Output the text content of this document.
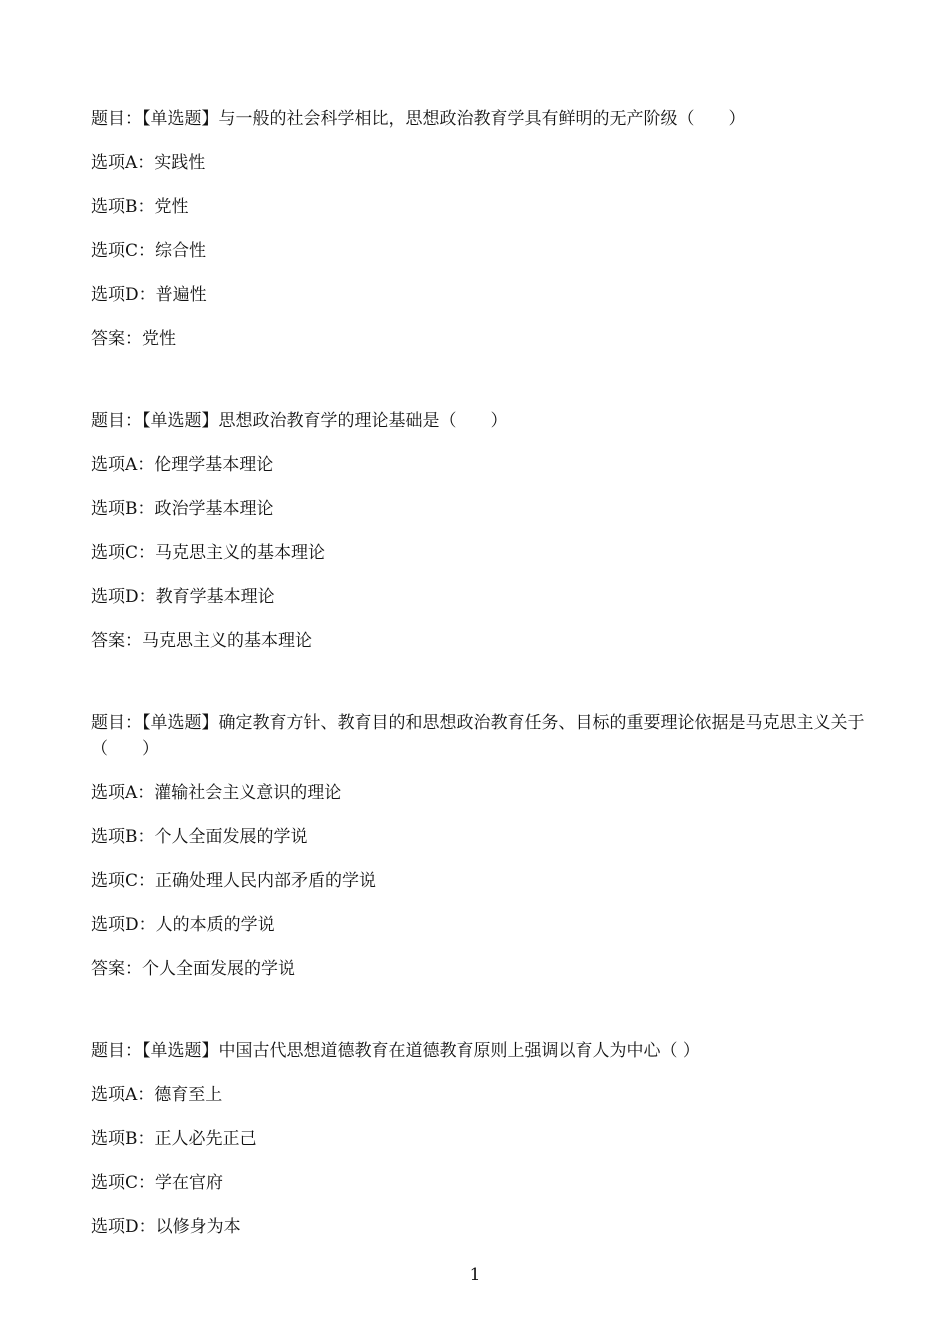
题目：【单选题】与一般的社会科学相比，思想政治教育学具有鲜明的无产阶级（　　）

选项A：实践性

选项B：党性

选项C：综合性

选项D：普遍性

答案：党性

题目：【单选题】思想政治教育学的理论基础是（　　）

选项A：伦理学基本理论

选项B：政治学基本理论

选项C：马克思主义的基本理论

选项D：教育学基本理论

答案：马克思主义的基本理论

题目：【单选题】确定教育方针、教育目的和思想政治教育任务、目标的重要理论依据是马克思主义关于（　　）

选项A：灌输社会主义意识的理论

选项B：个人全面发展的学说

选项C：正确处理人民内部矛盾的学说

选项D：人的本质的学说

答案：个人全面发展的学说

题目：【单选题】中国古代思想道德教育在道德教育原则上强调以育人为中心（ ）

选项A：德育至上

选项B：正人必先正己

选项C：学在官府

选项D：以修身为本

1
